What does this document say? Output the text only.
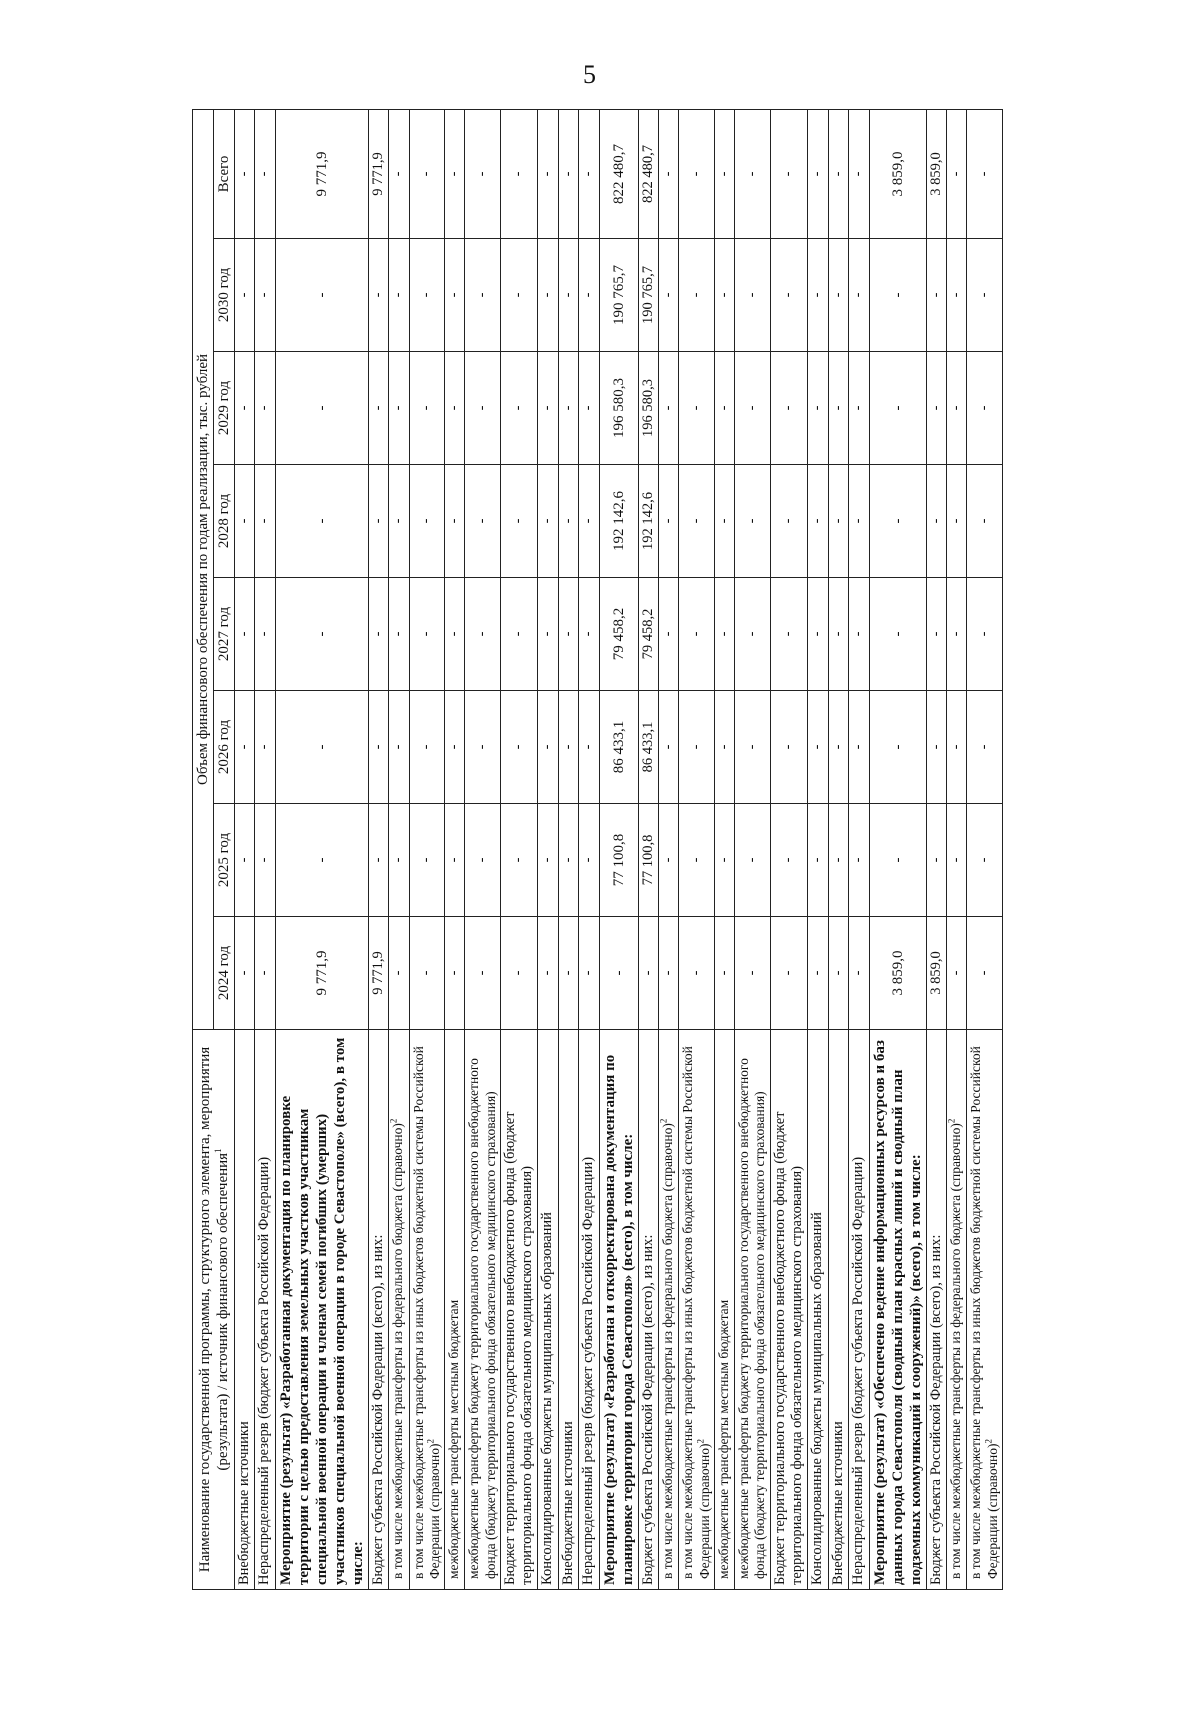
5
Наименование государственной программы, структурного элемента, мероприятия (результата) / источник финансового обеспечения$^1$	Объем финансового обеспечения по годам реализации, тыс. рублей							
	2024 год	2025 год	2026 год	2027 год	2028 год	2029 год	2030 год	Всего
Внебюджетные источники	-	-	-	-	-	-	-	-
Нераспределенный резерв (бюджет субъекта Российской Федерации)	-	-	-	-	-	-	-	-
Мероприятие (результат) «Разработанная документация по планировке территории с целью предоставления земельных участков участникам специальной военной операции и членам семей погибших (умерших) участников специальной военной операции в городе Севастополе» (всего), в том числе:	9 771,9	-	-	-	-	-	-	9 771,9
Бюджет субъекта Российской Федерации (всего), из них:	9 771,9	-	-	-	-	-	-	9 771,9
в том числе межбюджетные трансферты из федерального бюджета (справочно)$^2$	-	-	-	-	-	-	-	-
в том числе межбюджетные трансферты из иных бюджетов бюджетной системы Российской Федерации (справочно)$^2$	-	-	-	-	-	-	-	-
межбюджетные трансферты местным бюджетам	-	-	-	-	-	-	-	-
межбюджетные трансферты бюджету территориального государственного внебюджетного фонда (бюджету территориального фонда обязательного медицинского страхования)	-	-	-	-	-	-	-	-
Бюджет территориального государственного внебюджетного фонда (бюджет территориального фонда обязательного медицинского страхования)	-	-	-	-	-	-	-	-
Консолидированные бюджеты муниципальных образований	-	-	-	-	-	-	-	-
Внебюджетные источники	-	-	-	-	-	-	-	-
Нераспределенный резерв (бюджет субъекта Российской Федерации)	-	-	-	-	-	-	-	-
Мероприятие (результат) «Разработана и откорректирована документация по планировке территории города Севастополя» (всего), в том числе:	-	77 100,8	86 433,1	79 458,2	192 142,6	196 580,3	190 765,7	822 480,7
Бюджет субъекта Российской Федерации (всего), из них:	-	77 100,8	86 433,1	79 458,2	192 142,6	196 580,3	190 765,7	822 480,7
в том числе межбюджетные трансферты из федерального бюджета (справочно)$^2$	-	-	-	-	-	-	-	-
в том числе межбюджетные трансферты из иных бюджетов бюджетной системы Российской Федерации (справочно)$^2$	-	-	-	-	-	-	-	-
межбюджетные трансферты местным бюджетам	-	-	-	-	-	-	-	-
межбюджетные трансферты бюджету территориального государственного внебюджетного фонда (бюджету территориального фонда обязательного медицинского страхования)	-	-	-	-	-	-	-	-
Бюджет территориального государственного внебюджетного фонда (бюджет территориального фонда обязательного медицинского страхования)	-	-	-	-	-	-	-	-
Консолидированные бюджеты муниципальных образований	-	-	-	-	-	-	-	-
Внебюджетные источники	-	-	-	-	-	-	-	-
Нераспределенный резерв (бюджет субъекта Российской Федерации)	-	-	-	-	-	-	-	-
Мероприятие (результат) «Обеспечено ведение информационных ресурсов и баз данных города Севастополя (сводный план красных линий и сводный план подземных коммуникаций и сооружений)» (всего), в том числе:	3 859,0	-	-	-	-	-	-	3 859,0
Бюджет субъекта Российской Федерации (всего), из них:	3 859,0	-	-	-	-	-	-	3 859,0
в том числе межбюджетные трансферты из федерального бюджета (справочно)$^2$	-	-	-	-	-	-	-	-
в том числе межбюджетные трансферты из иных бюджетов бюджетной системы Российской Федерации (справочно)$^2$	-	-	-	-	-	-	-	-
